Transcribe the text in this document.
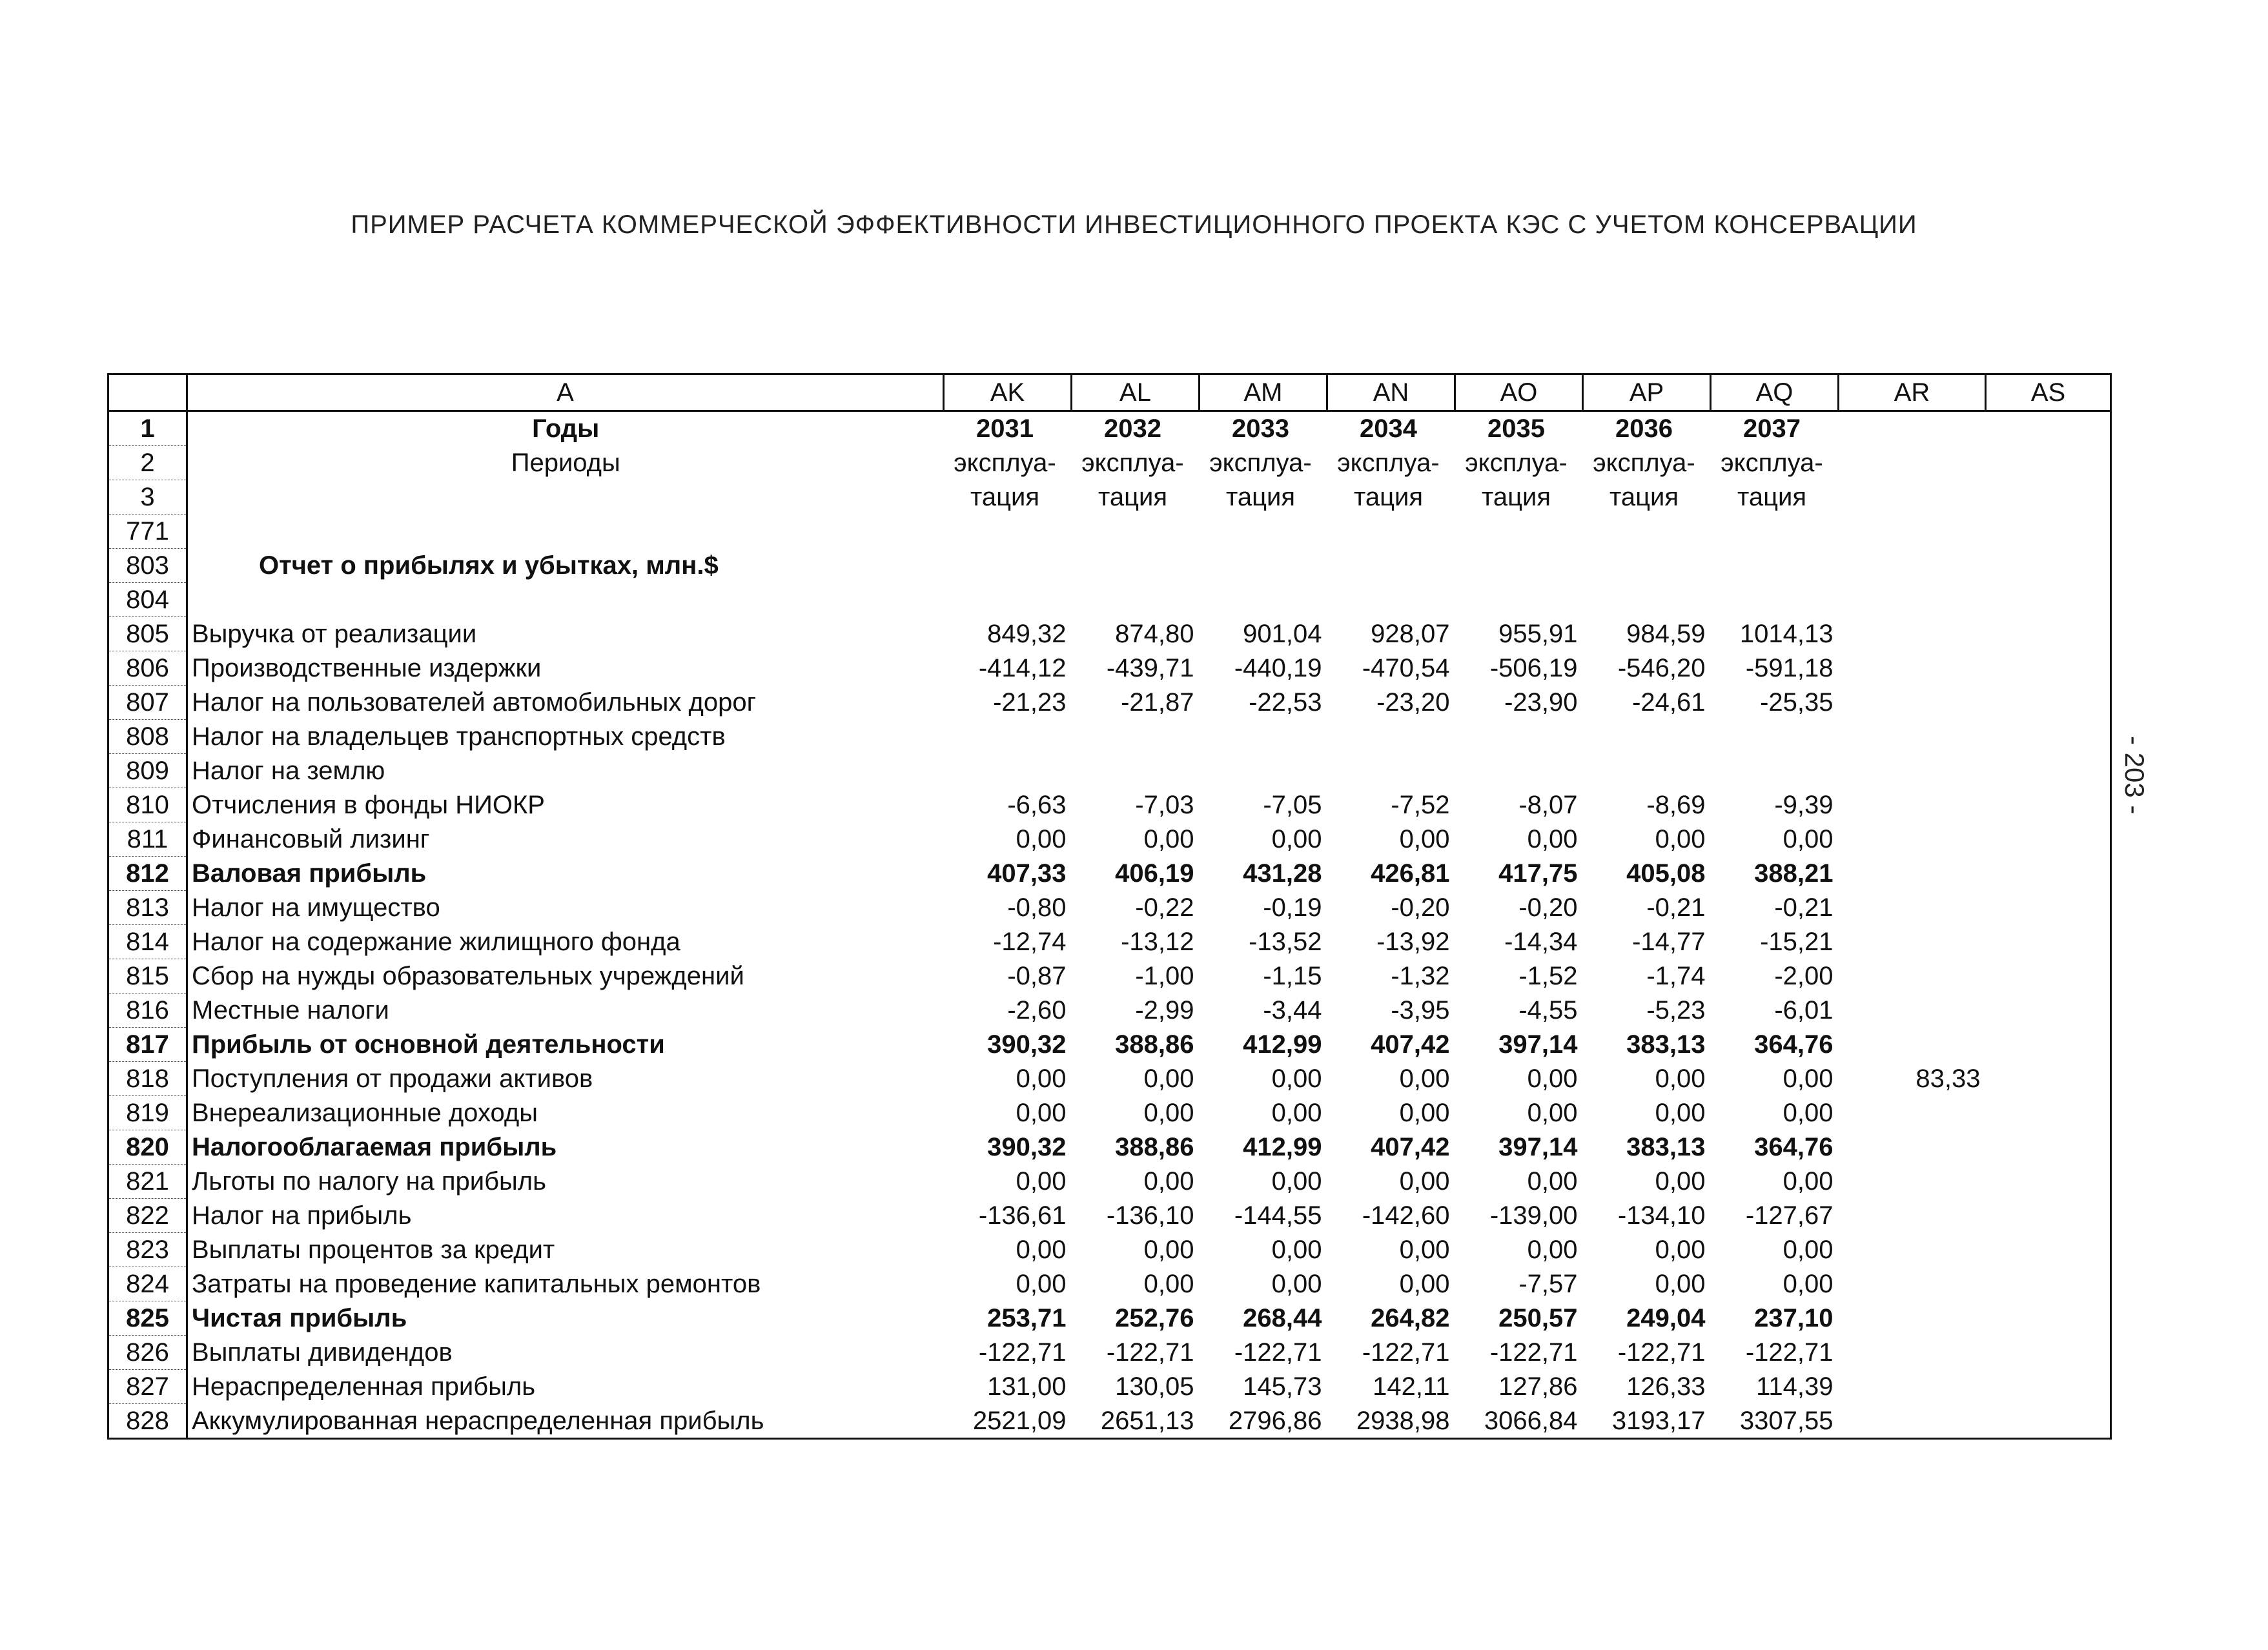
ПРИМЕР РАСЧЕТА КОММЕРЧЕСКОЙ ЭФФЕКТИВНОСТИ ИНВЕСТИЦИОННОГО ПРОЕКТА КЭС С УЧЕТОМ КОНСЕРВАЦИИ
- 203 -
	A	AK	AL	AM	AN	AO	AP	AQ	AR	AS
1	Годы	2031	2032	2033	2034	2035	2036	2037		
2	Периоды	эксплуа-	эксплуа-	эксплуа-	эксплуа-	эксплуа-	эксплуа-	эксплуа-		
3		тация	тация	тация	тация	тация	тация	тация		
771										
803	Отчет о прибылях и убытках, млн.$									
804										
805	Выручка от реализации	849,32	874,80	901,04	928,07	955,91	984,59	1014,13		
806	Производственные издержки	-414,12	-439,71	-440,19	-470,54	-506,19	-546,20	-591,18		
807	Налог на пользователей автомобильных дорог	-21,23	-21,87	-22,53	-23,20	-23,90	-24,61	-25,35		
808	Налог на владельцев транспортных средств									
809	Налог на землю									
810	Отчисления в фонды НИОКР	-6,63	-7,03	-7,05	-7,52	-8,07	-8,69	-9,39		
811	Финансовый лизинг	0,00	0,00	0,00	0,00	0,00	0,00	0,00		
812	Валовая прибыль	407,33	406,19	431,28	426,81	417,75	405,08	388,21		
813	Налог на имущество	-0,80	-0,22	-0,19	-0,20	-0,20	-0,21	-0,21		
814	Налог на содержание жилищного фонда	-12,74	-13,12	-13,52	-13,92	-14,34	-14,77	-15,21		
815	Сбор на нужды образовательных учреждений	-0,87	-1,00	-1,15	-1,32	-1,52	-1,74	-2,00		
816	Местные налоги	-2,60	-2,99	-3,44	-3,95	-4,55	-5,23	-6,01		
817	Прибыль от основной деятельности	390,32	388,86	412,99	407,42	397,14	383,13	364,76		
818	Поступления от продажи активов	0,00	0,00	0,00	0,00	0,00	0,00	0,00	83,33	
819	Внереализационные доходы	0,00	0,00	0,00	0,00	0,00	0,00	0,00		
820	Налогооблагаемая прибыль	390,32	388,86	412,99	407,42	397,14	383,13	364,76		
821	Льготы по налогу на прибыль	0,00	0,00	0,00	0,00	0,00	0,00	0,00		
822	Налог на прибыль	-136,61	-136,10	-144,55	-142,60	-139,00	-134,10	-127,67		
823	Выплаты процентов за кредит	0,00	0,00	0,00	0,00	0,00	0,00	0,00		
824	Затраты на проведение капитальных ремонтов	0,00	0,00	0,00	0,00	-7,57	0,00	0,00		
825	Чистая прибыль	253,71	252,76	268,44	264,82	250,57	249,04	237,10		
826	Выплаты дивидендов	-122,71	-122,71	-122,71	-122,71	-122,71	-122,71	-122,71		
827	Нераспределенная прибыль	131,00	130,05	145,73	142,11	127,86	126,33	114,39		
828	Аккумулированная нераспределенная прибыль	2521,09	2651,13	2796,86	2938,98	3066,84	3193,17	3307,55		
